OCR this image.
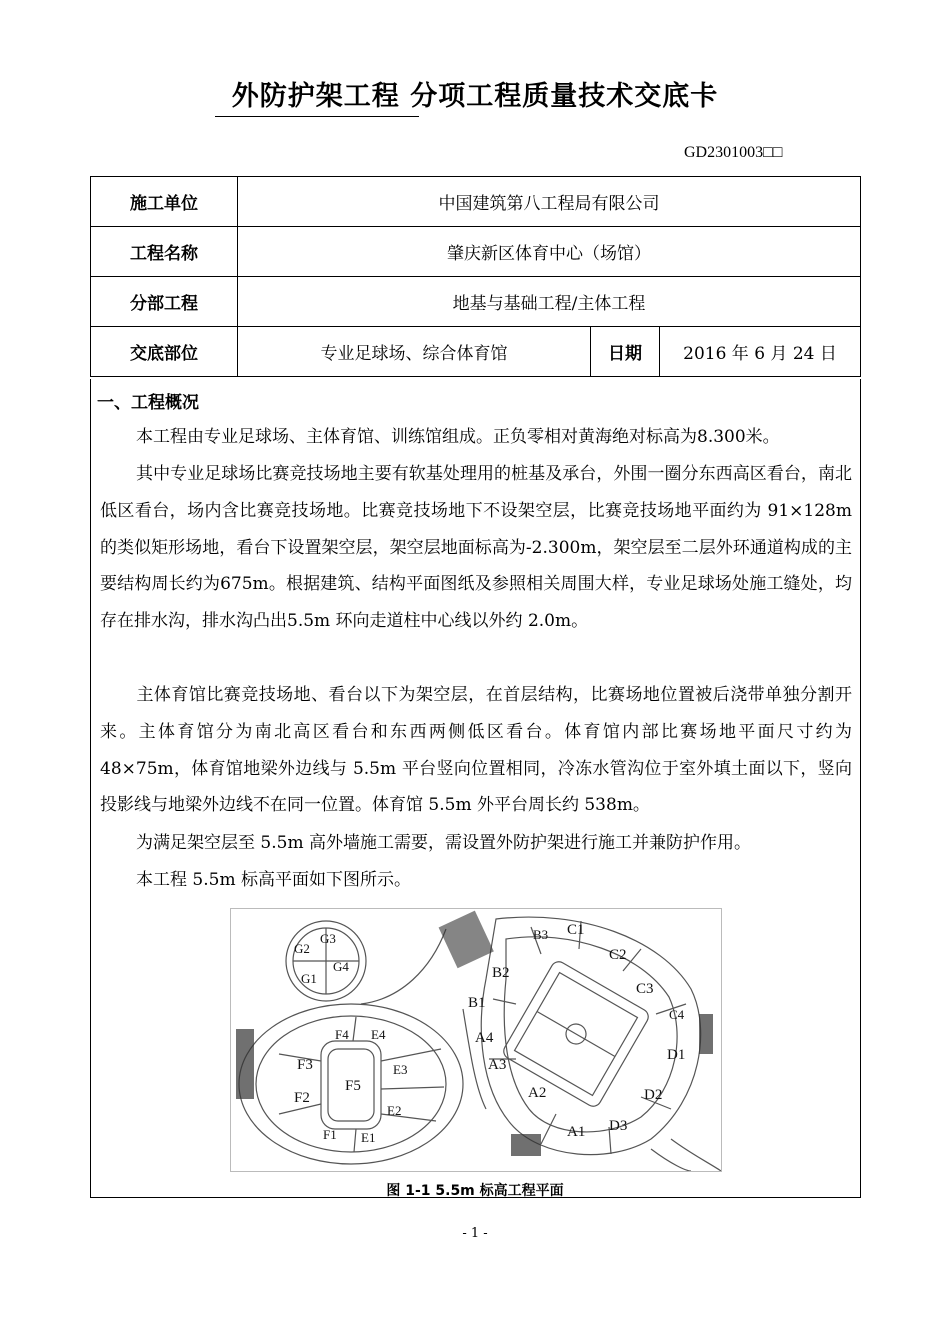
外防护架工程 分项工程质量技术交底卡
GD2301003□□
施工单位	中国建筑第八工程局有限公司		
工程名称	肇庆新区体育中心（场馆）		
分部工程	地基与基础工程/主体工程		
交底部位	专业足球场、综合体育馆	日期	2016 年 6 月 24 日
一、工程概况

本工程由专业足球场、主体育馆、训练馆组成。正负零相对黄海绝对标高为8.300米。

其中专业足球场比赛竞技场地主要有软基处理用的桩基及承台，外围一圈分东西高区看台，南北低区看台，场内含比赛竞技场地。比赛竞技场地下不设架空层，比赛竞技场地平面约为 91×128m 的类似矩形场地，看台下设置架空层，架空层地面标高为-2.300m，架空层至二层外环通道构成的主要结构周长约为675m。根据建筑、结构平面图纸及参照相关周围大样，专业足球场处施工缝处，均存在排水沟，排水沟凸出5.5m 环向走道柱中心线以外约 2.0m。

主体育馆比赛竞技场地、看台以下为架空层，在首层结构，比赛场地位置被后浇带单独分割开来。主体育馆分为南北高区看台和东西两侧低区看台。体育馆内部比赛场地平面尺寸约为 48×75m，体育馆地梁外边线与 5.5m 平台竖向位置相同，冷冻水管沟位于室外填土面以下，竖向投影线与地梁外边线不在同一位置。体育馆 5.5m 外平台周长约 538m。

为满足架空层至 5.5m 高外墙施工需要，需设置外防护架进行施工并兼防护作用。

本工程 5.5m 标高平面如下图所示。

G2
G3
G1
G4
F4 E4
F3
F5
E3
F2
E2
F1 E1
B3 C1
C2
B2
C3
B1
C4
A4
D1
A3
A2	D2
A1 D3
图 1-1 5.5m 标高工程平面
- 1 -
